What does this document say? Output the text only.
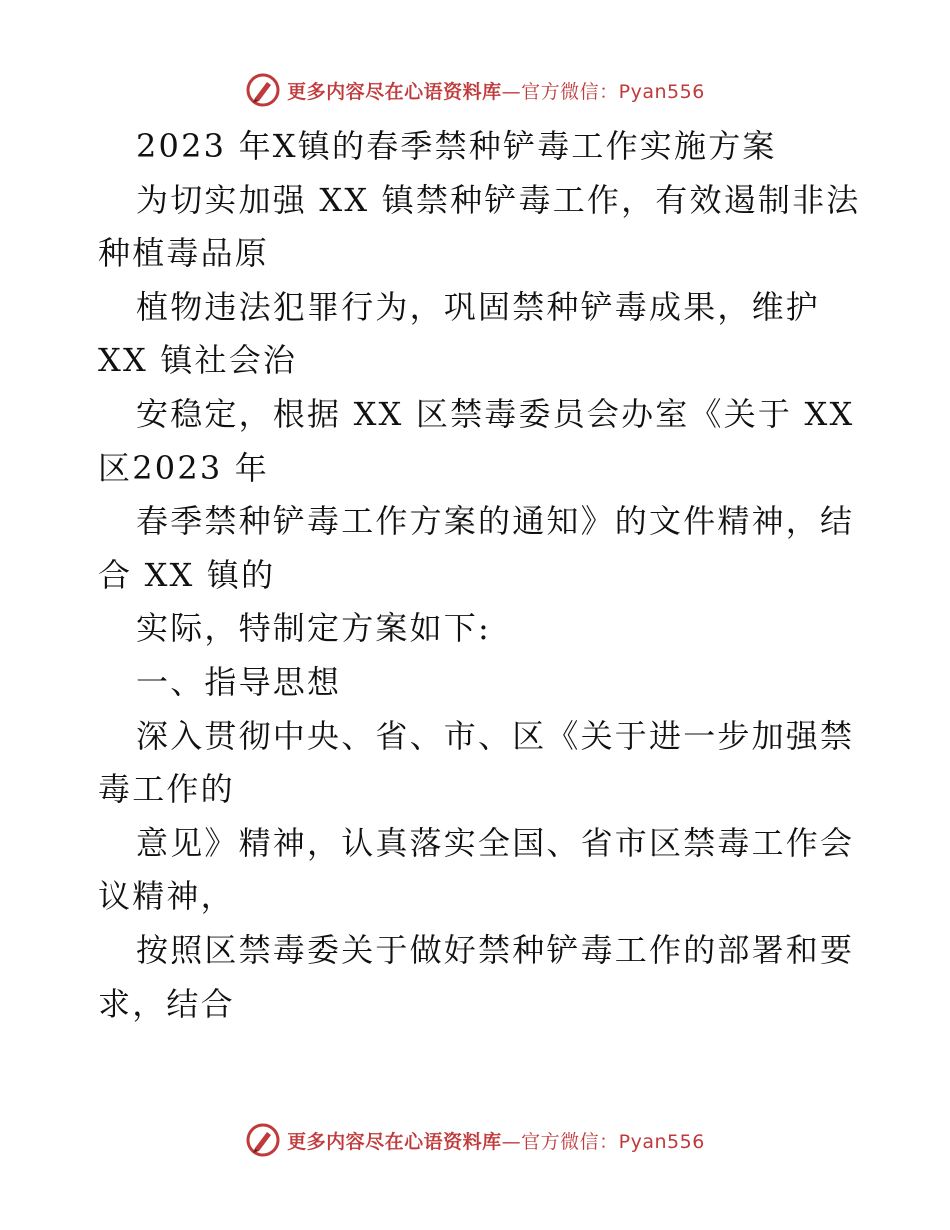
更多内容尽在心语资料库—官方微信：Pyan556
2023 年X镇的春季禁种铲毒工作实施方案
为切实加强 XX 镇禁种铲毒工作，有效遏制非法
种植毒品原
植物违法犯罪行为，巩固禁种铲毒成果，维护
XX 镇社会治
安稳定，根据 XX 区禁毒委员会办室《关于 XX
区2023 年
春季禁种铲毒工作方案的通知》的文件精神，结
合 XX 镇的
实际，特制定方案如下:
一、指导思想
深入贯彻中央、省、市、区《关于进一步加强禁
毒工作的
意见》精神，认真落实全国、省市区禁毒工作会
议精神，
按照区禁毒委关于做好禁种铲毒工作的部署和要
求，结合
更多内容尽在心语资料库—官方微信：Pyan556
